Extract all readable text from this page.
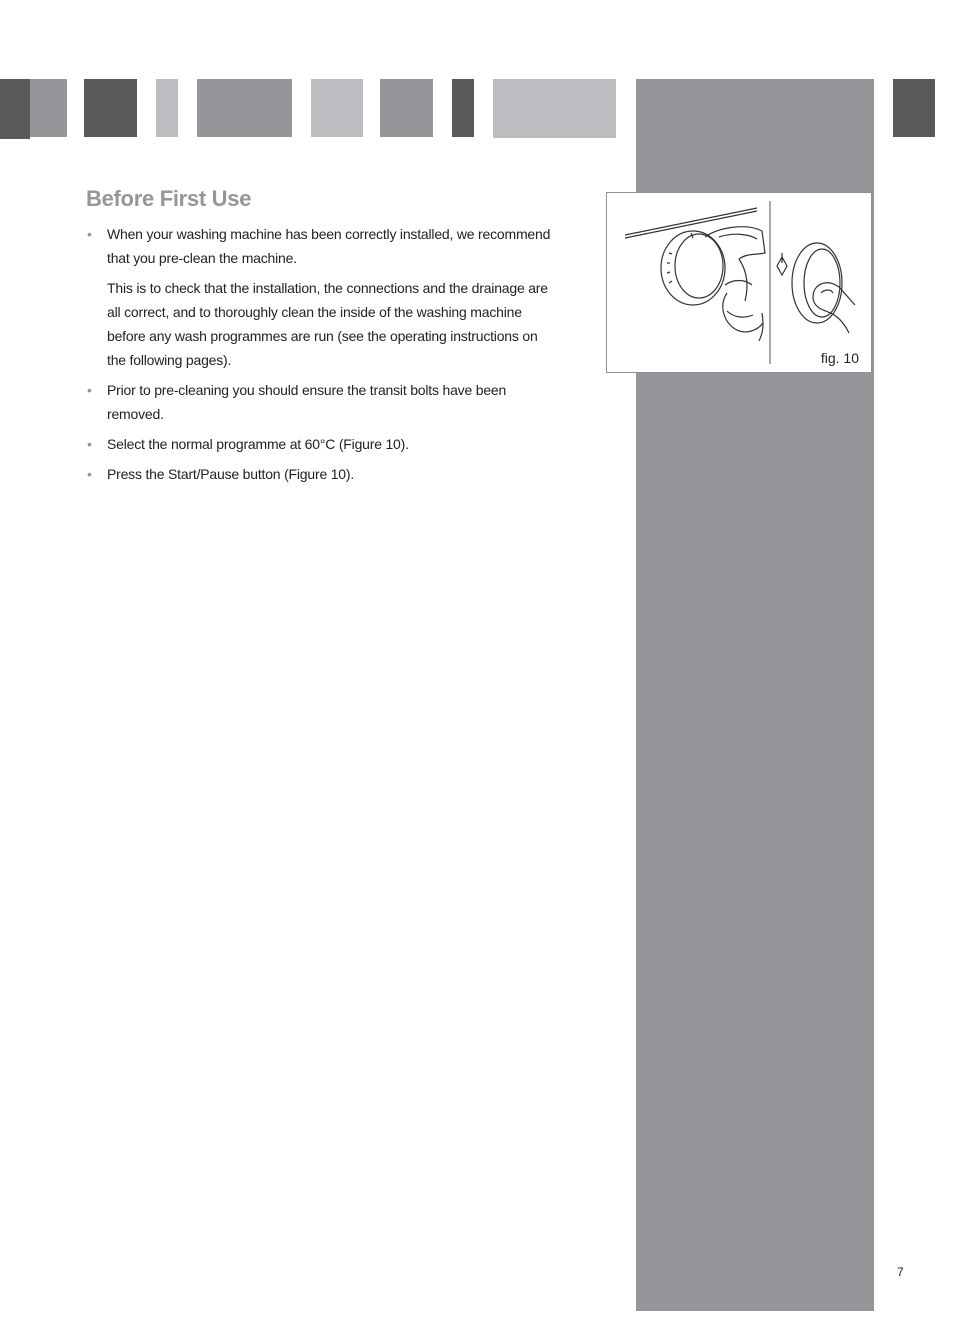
Before First Use
• When your washing machine has been correctly installed, we recommend that you pre-clean the machine.
This is to check that the installation, the connections and the drainage are all correct, and to thoroughly clean the inside of the washing machine before any wash programmes are run (see the operating instructions on the following pages).
• Prior to pre-cleaning you should ensure the transit bolts have been removed.
• Select the normal programme at 60°C (Figure 10).
• Press the Start/Pause button (Figure 10).
fig. 10
7
